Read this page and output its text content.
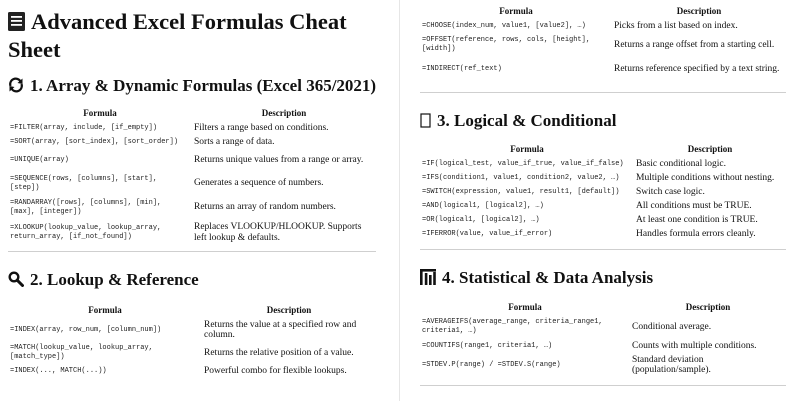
Advanced Excel Formulas Cheat Sheet
1. Array & Dynamic Formulas (Excel 365/2021)
Formula	Description
=FILTER(array, include, [if_empty])	Filters a range based on conditions.
=SORT(array, [sort_index], [sort_order])	Sorts a range of data.
=UNIQUE(array)	Returns unique values from a range or array.
=SEQUENCE(rows, [columns], [start], [step])	Generates a sequence of numbers.
=RANDARRAY([rows], [columns], [min], [max], [integer])	Returns an array of random numbers.
=XLOOKUP(lookup_value, lookup_array, return_array, [if_not_found])	Replaces VLOOKUP/HLOOKUP. Supports left lookup & defaults.
2. Lookup & Reference
Formula	Description
=INDEX(array, row_num, [column_num])	Returns the value at a specified row and column.
=MATCH(lookup_value, lookup_array, [match_type])	Returns the relative position of a value.
=INDEX(..., MATCH(...))	Powerful combo for flexible lookups.
Formula	Description
=CHOOSE(index_num, value1, [value2], …)	Picks from a list based on index.
=OFFSET(reference, rows, cols, [height], [width])	Returns a range offset from a starting cell.
=INDIRECT(ref_text)	Returns reference specified by a text string.
3. Logical & Conditional
Formula	Description
=IF(logical_test, value_if_true, value_if_false)	Basic conditional logic.
=IFS(condition1, value1, condition2, value2, …)	Multiple conditions without nesting.
=SWITCH(expression, value1, result1, [default])	Switch case logic.
=AND(logical1, [logical2], …)	All conditions must be TRUE.
=OR(logical1, [logical2], …)	At least one condition is TRUE.
=IFERROR(value, value_if_error)	Handles formula errors cleanly.
4. Statistical & Data Analysis
Formula	Description
=AVERAGEIFS(average_range, criteria_range1, criteria1, …)	Conditional average.
=COUNTIFS(range1, criteria1, …)	Counts with multiple conditions.
=STDEV.P(range) / =STDEV.S(range)	Standard deviation (population/sample).
